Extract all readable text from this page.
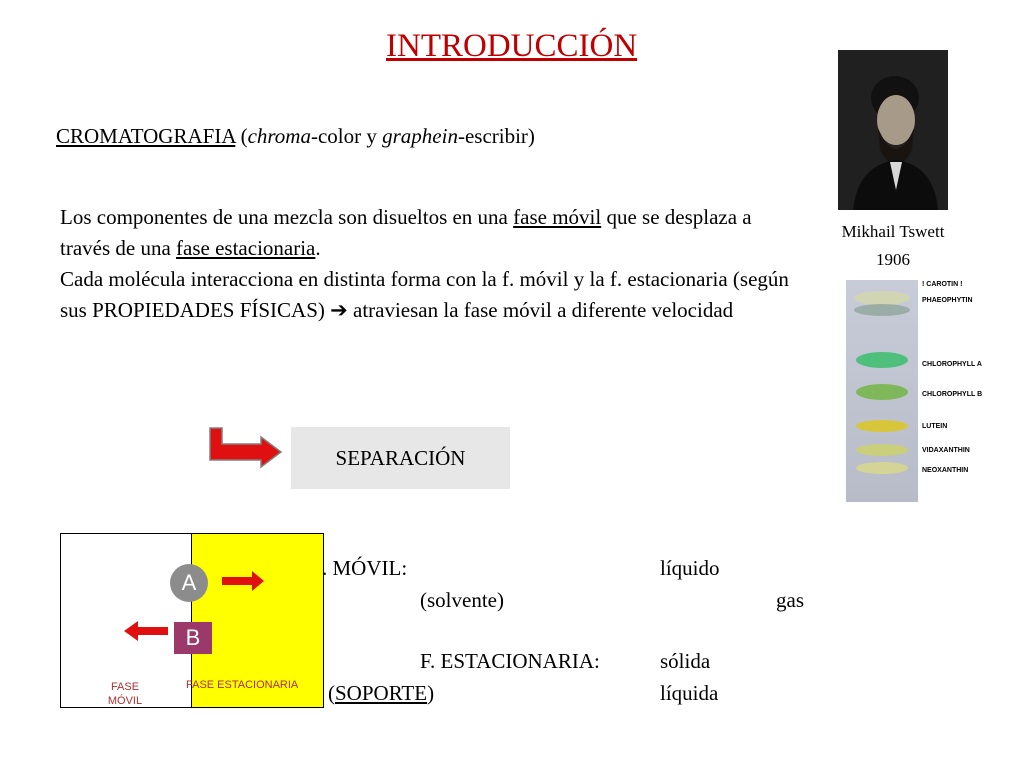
INTRODUCCIÓN
CROMATOGRAFIA (chroma-color y graphein-escribir)
Los componentes de una mezcla son disueltos en una fase móvil que se desplaza a través de una fase estacionaria.
Cada molécula interacciona en distinta forma con la f. móvil y la f. estacionaria (según sus PROPIEDADES FÍSICAS) ➔ atraviesan la fase móvil a diferente velocidad
Mikhail Tswett
1906
! CAROTIN !
PHAEOPHYTIN
CHLOROPHYLL A
CHLOROPHYLL B
LUTEIN
VIDAXANTHIN
NEOXANTHIN
SEPARACIÓN
A
B
FASE
MÓVIL
FASE ESTACIONARIA
. MÓVIL:
(solvente)
líquido
gas
F. ESTACIONARIA:
(SOPORTE)
sólida
líquida
